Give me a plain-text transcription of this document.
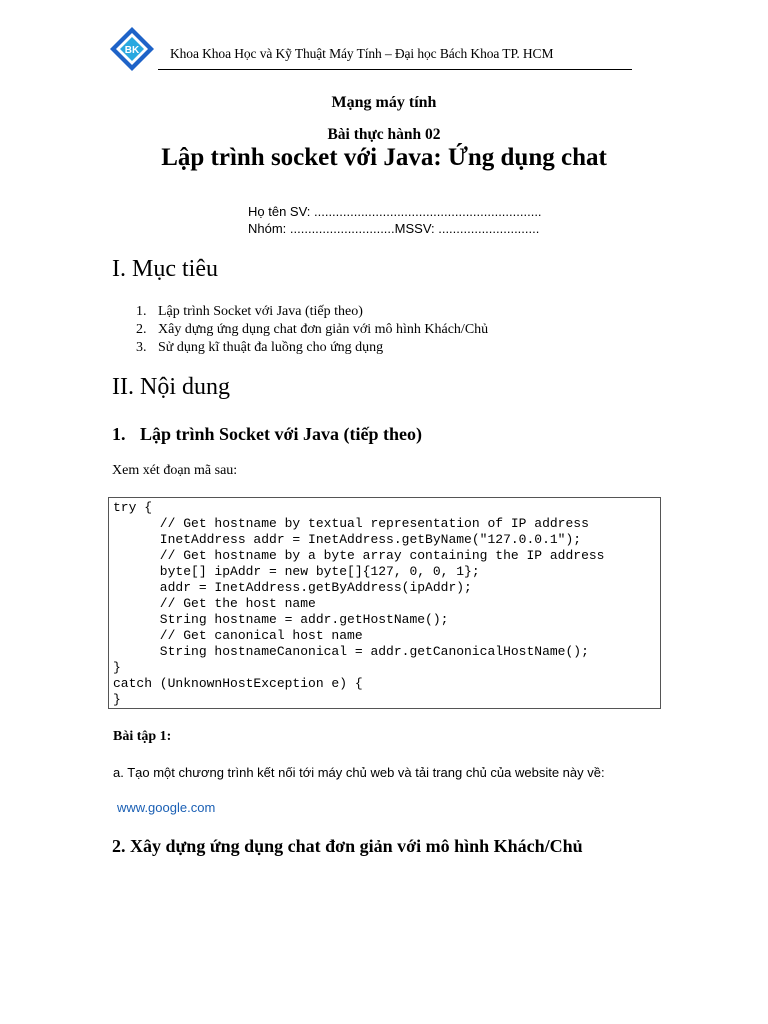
BK Khoa Khoa Học và Kỹ Thuật Máy Tính – Đại học Bách Khoa TP. HCM
Mạng máy tính
Bài thực hành 02
Lập trình socket với Java: Ứng dụng chat
Họ tên SV: ...............................................................
Nhóm: .............................MSSV: ............................
I. Mục tiêu
1. Lập trình Socket với Java (tiếp theo)
2. Xây dựng ứng dụng chat đơn giản với mô hình Khách/Chủ
3. Sử dụng kĩ thuật đa luồng cho ứng dụng
II. Nội dung
1. Lập trình Socket với Java (tiếp theo)
Xem xét đoạn mã sau:
try {
// Get hostname by textual representation of IP address
InetAddress addr = InetAddress.getByName("127.0.0.1");
// Get hostname by a byte array containing the IP address
byte[] ipAddr = new byte[]{127, 0, 0, 1};
addr = InetAddress.getByAddress(ipAddr);
// Get the host name
String hostname = addr.getHostName();
// Get canonical host name
String hostnameCanonical = addr.getCanonicalHostName();
}
catch (UnknownHostException e) {
}
Bài tập 1:
a. Tạo một chương trình kết nối tới máy chủ web và tải trang chủ của website này về:
www.google.com
2. Xây dựng ứng dụng chat đơn giản với mô hình Khách/Chủ
